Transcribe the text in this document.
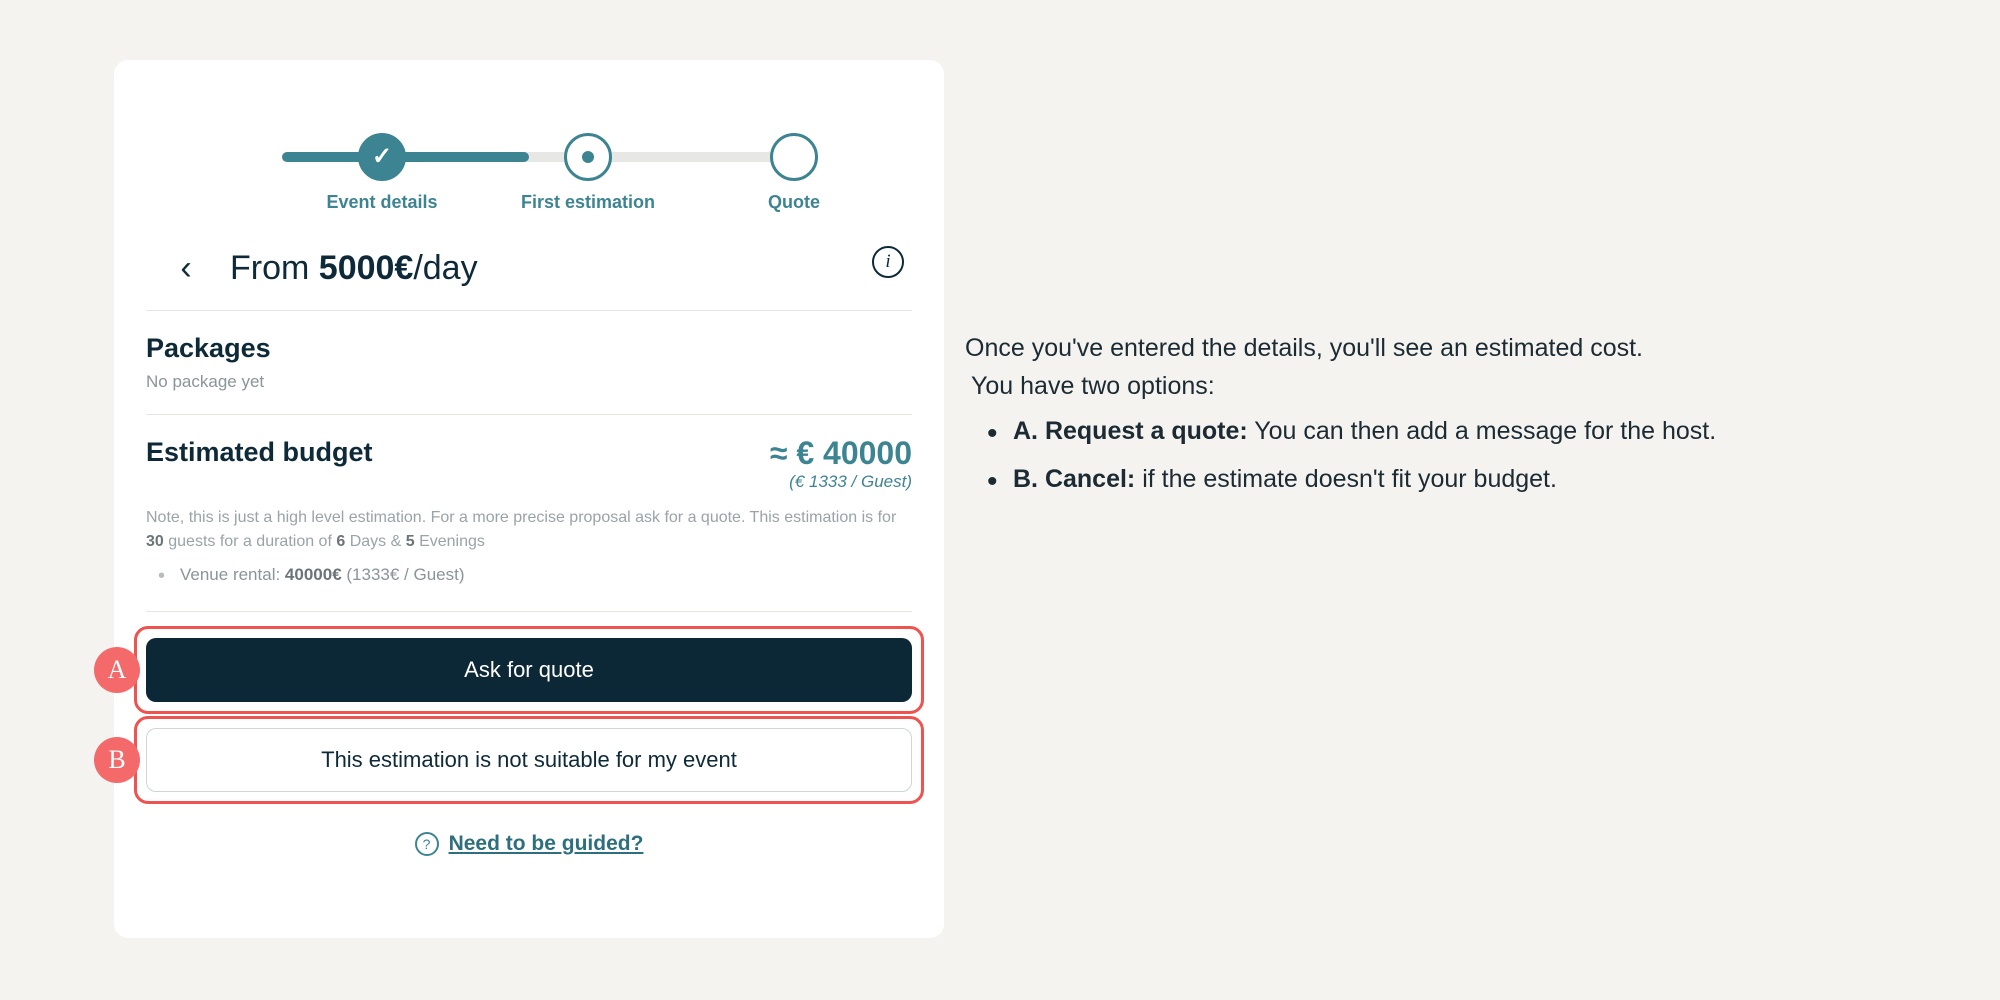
✓
Event details	First estimation	Quote
‹	From 5000€/day	i
Packages
No package yet
Estimated budget	≈ € 40000
(€ 1333 / Guest)
Note, this is just a high level estimation. For a more precise proposal ask for a quote. This estimation is for 30 guests for a duration of 6 Days & 5 Evenings
• Venue rental: 40000€ (1333€ / Guest)
Ask for quote
A
This estimation is not suitable for my event
B
? Need to be guided?
Once you've entered the details, you'll see an estimated cost.
You have two options:
• A. Request a quote: You can then add a message for the host.
• B. Cancel: if the estimate doesn't fit your budget.
